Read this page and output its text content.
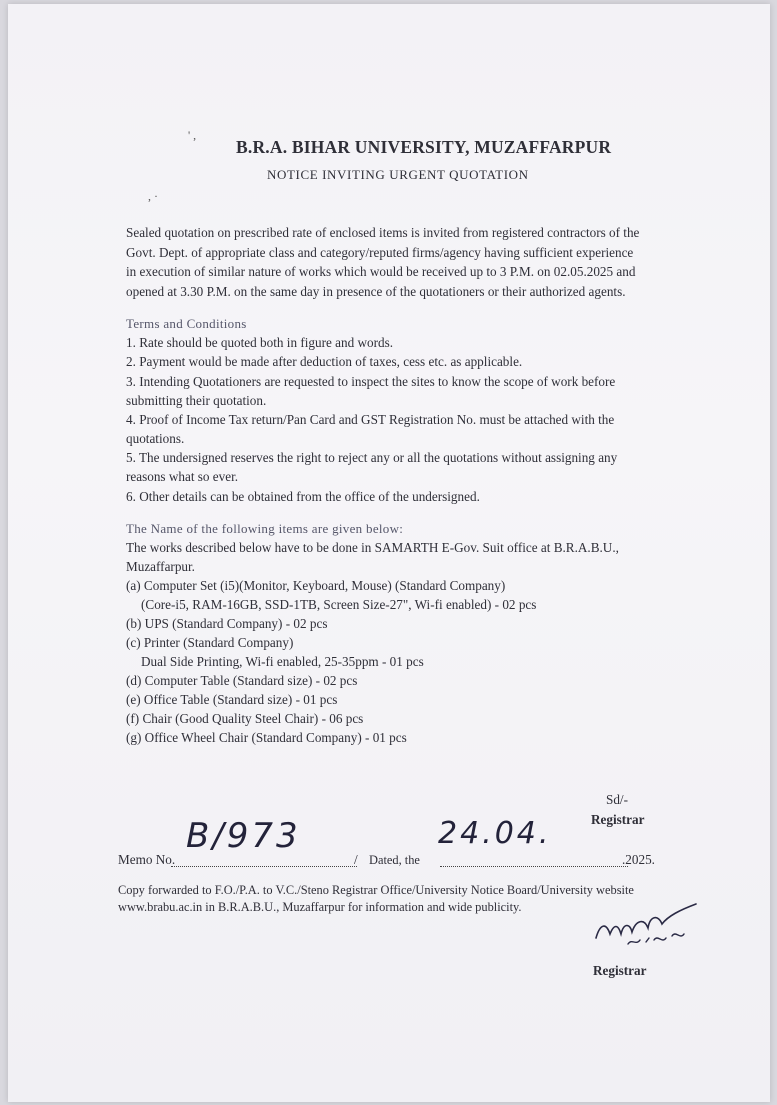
' ,
, ·
B.R.A. BIHAR UNIVERSITY, MUZAFFARPUR
NOTICE INVITING URGENT QUOTATION
Sealed quotation on prescribed rate of enclosed items is invited from registered contractors of the
Govt. Dept. of appropriate class and category/reputed firms/agency having sufficient experience
in execution of similar nature of works which would be received up to 3 P.M. on 02.05.2025 and
opened at 3.30 P.M. on the same day in presence of the quotationers or their authorized agents.
Terms and Conditions
1. Rate should be quoted both in figure and words.
2. Payment would be made after deduction of taxes, cess etc. as applicable.
3. Intending Quotationers are requested to inspect the sites to know the scope of work before
submitting their quotation.
4. Proof of Income Tax return/Pan Card and GST Registration No. must be attached with the
quotations.
5. The undersigned reserves the right to reject any or all the quotations without assigning any
reasons what so ever.
6. Other details can be obtained from the office of the undersigned.
The Name of the following items are given below:
The works described below have to be done in SAMARTH E-Gov. Suit office at B.R.A.B.U.,
Muzaffarpur.
(a) Computer Set (i5)(Monitor, Keyboard, Mouse) (Standard Company)
(Core-i5, RAM-16GB, SSD-1TB, Screen Size-27", Wi-fi enabled) - 02 pcs
(b) UPS (Standard Company) - 02 pcs
(c) Printer (Standard Company)
Dual Side Printing, Wi-fi enabled, 25-35ppm - 01 pcs
(d) Computer Table (Standard size) - 02 pcs
(e) Office Table (Standard size) - 01 pcs
(f) Chair (Good Quality Steel Chair) - 06 pcs
(g) Office Wheel Chair (Standard Company) - 01 pcs
Sd/-
Registrar
Memo No.
B/973
/ Dated, the
24.04.
.2025.
Copy forwarded to F.O./P.A. to V.C./Steno Registrar Office/University Notice Board/University website
www.brabu.ac.in in B.R.A.B.U., Muzaffarpur for information and wide publicity.
Registrar
